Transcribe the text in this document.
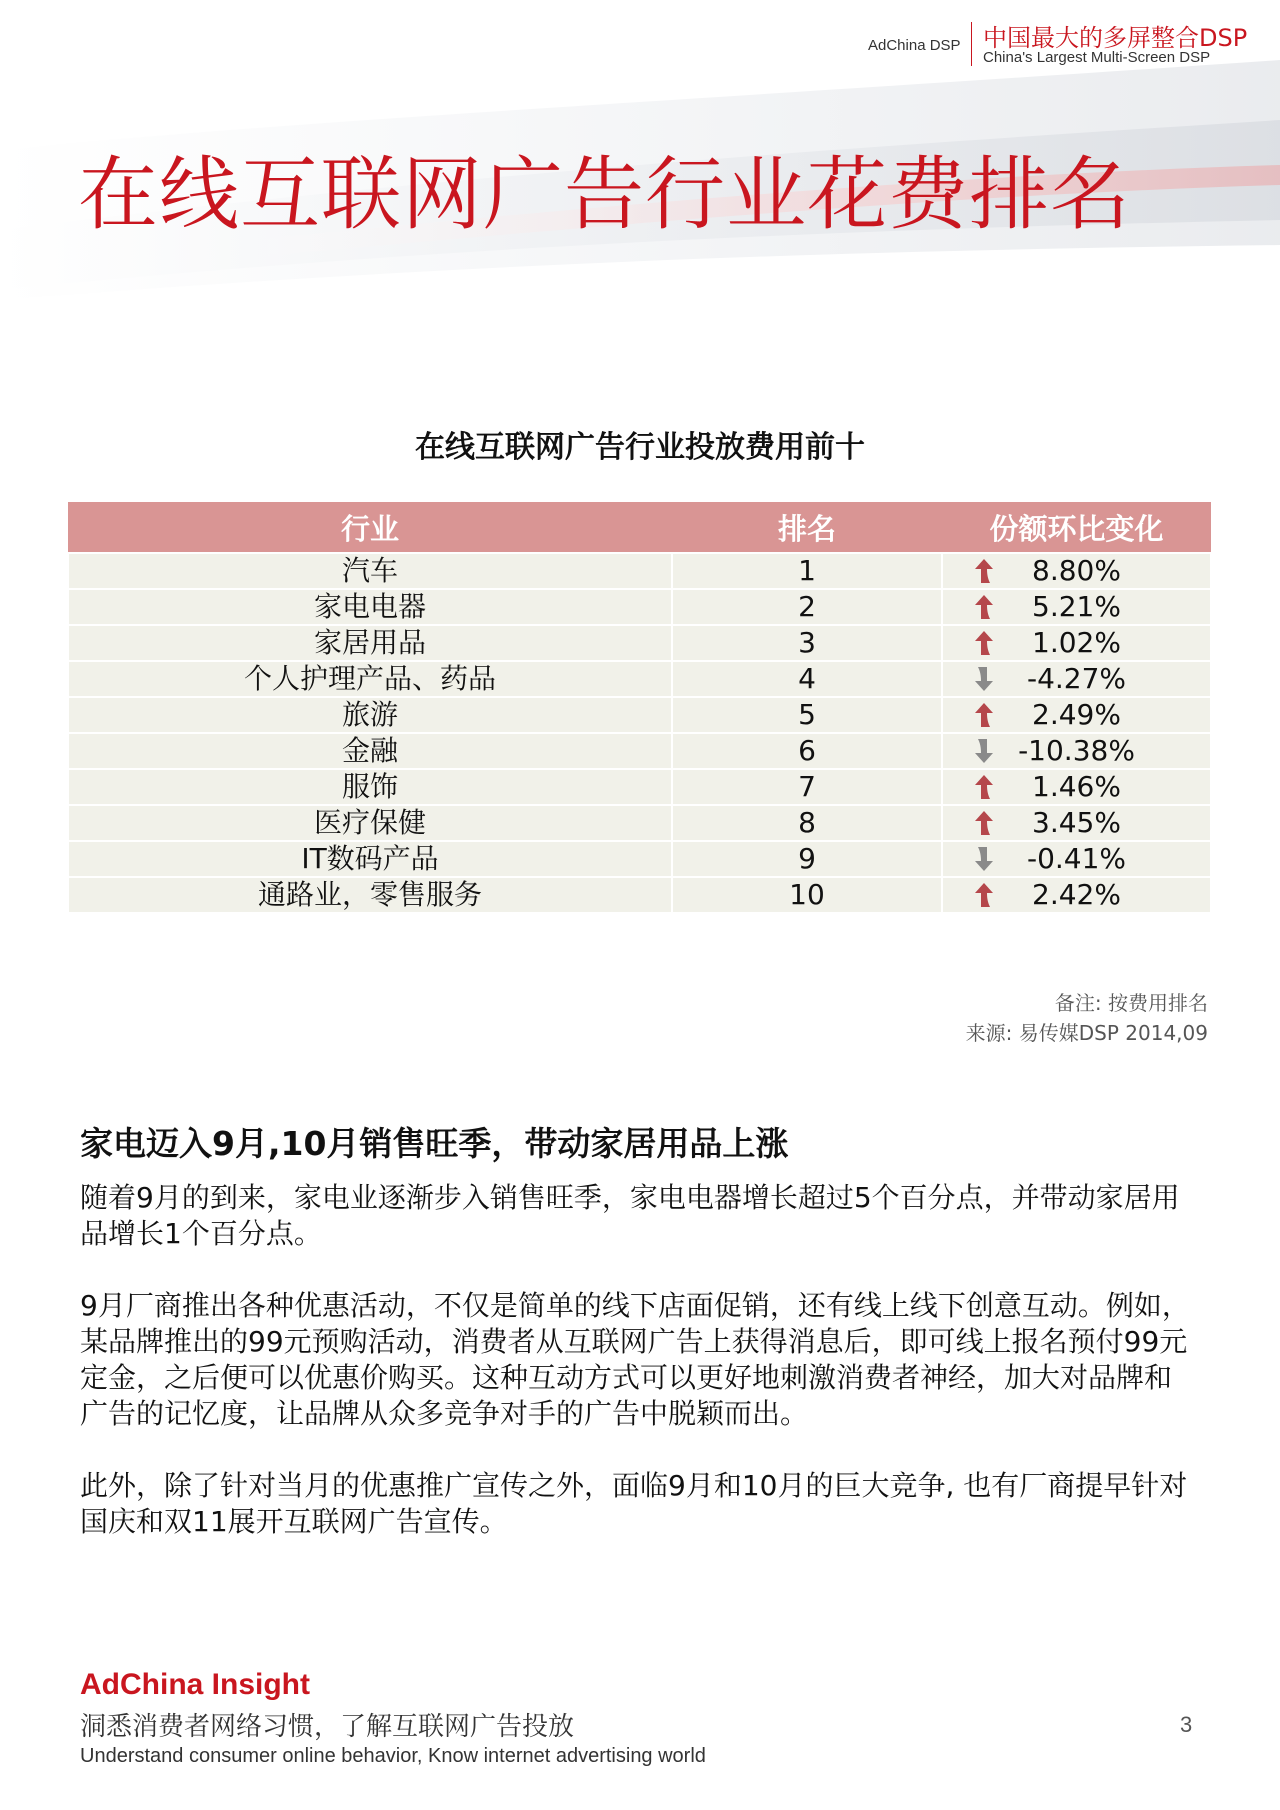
AdChina DSP 中国最大的多屏整合DSP
China's Largest Multi-Screen DSP
在线互联网广告行业花费排名
在线互联网广告行业投放费用前十
行业	排名	份额环比变化
汽车	1	8.80%
家电电器	2	5.21%
家居用品	3	1.02%
个人护理产品、药品	4	-4.27%
旅游	5	2.49%
金融	6	-10.38%
服饰	7	1.46%
医疗保健	8	3.45%
IT数码产品	9	-0.41%
通路业，零售服务	10	2.42%
备注: 按费用排名
来源: 易传媒DSP 2014,09
家电迈入9月,10月销售旺季，带动家居用品上涨

随着9月的到来，家电业逐渐步入销售旺季，家电电器增长超过5个百分点，并带动家居用品增长1个百分点。

9月厂商推出各种优惠活动，不仅是简单的线下店面促销，还有线上线下创意互动。例如，某品牌推出的99元预购活动，消费者从互联网广告上获得消息后，即可线上报名预付99元定金，之后便可以优惠价购买。这种互动方式可以更好地刺激消费者神经，加大对品牌和广告的记忆度，让品牌从众多竞争对手的广告中脱颖而出。

此外，除了针对当月的优惠推广宣传之外，面临9月和10月的巨大竞争, 也有厂商提早针对国庆和双11展开互联网广告宣传。

AdChina Insight
洞悉消费者网络习惯，了解互联网广告投放
Understand consumer online behavior, Know internet advertising world
3
